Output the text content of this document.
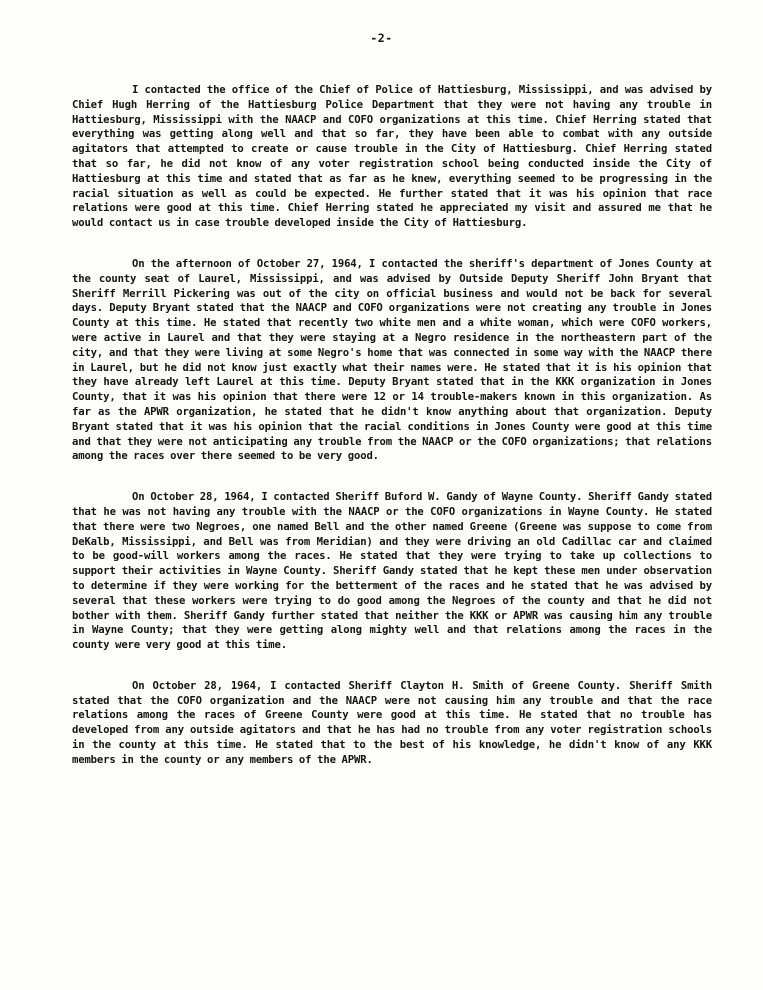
-2-

I contacted the office of the Chief of Police of Hattiesburg, Mississippi, and was advised by Chief Hugh Herring of the Hattiesburg Police Department that they were not having any trouble in Hattiesburg, Mississippi with the NAACP and COFO organizations at this time. Chief Herring stated that everything was getting along well and that so far, they have been able to combat with any outside agitators that attempted to create or cause trouble in the City of Hattiesburg. Chief Herring stated that so far, he did not know of any voter registration school being conducted inside the City of Hattiesburg at this time and stated that as far as he knew, everything seemed to be progressing in the racial situation as well as could be expected. He further stated that it was his opinion that race relations were good at this time. Chief Herring stated he appreciated my visit and assured me that he would contact us in case trouble developed inside the City of Hattiesburg.

On the afternoon of October 27, 1964, I contacted the sheriff's department of Jones County at the county seat of Laurel, Mississippi, and was advised by Outside Deputy Sheriff John Bryant that Sheriff Merrill Pickering was out of the city on official business and would not be back for several days. Deputy Bryant stated that the NAACP and COFO organizations were not creating any trouble in Jones County at this time. He stated that recently two white men and a white woman, which were COFO workers, were active in Laurel and that they were staying at a Negro residence in the northeastern part of the city, and that they were living at some Negro's home that was connected in some way with the NAACP there in Laurel, but he did not know just exactly what their names were. He stated that it is his opinion that they have already left Laurel at this time. Deputy Bryant stated that in the KKK organization in Jones County, that it was his opinion that there were 12 or 14 trouble-makers known in this organization. As far as the APWR organization, he stated that he didn't know anything about that organization. Deputy Bryant stated that it was his opinion that the racial conditions in Jones County were good at this time and that they were not anticipating any trouble from the NAACP or the COFO organizations; that relations among the races over there seemed to be very good.

On October 28, 1964, I contacted Sheriff Buford W. Gandy of Wayne County. Sheriff Gandy stated that he was not having any trouble with the NAACP or the COFO organizations in Wayne County. He stated that there were two Negroes, one named Bell and the other named Greene (Greene was suppose to come from DeKalb, Mississippi, and Bell was from Meridian) and they were driving an old Cadillac car and claimed to be good-will workers among the races. He stated that they were trying to take up collections to support their activities in Wayne County. Sheriff Gandy stated that he kept these men under observation to determine if they were working for the betterment of the races and he stated that he was advised by several that these workers were trying to do good among the Negroes of the county and that he did not bother with them. Sheriff Gandy further stated that neither the KKK or APWR was causing him any trouble in Wayne County; that they were getting along mighty well and that relations among the races in the county were very good at this time.

On October 28, 1964, I contacted Sheriff Clayton H. Smith of Greene County. Sheriff Smith stated that the COFO organization and the NAACP were not causing him any trouble and that the race relations among the races of Greene County were good at this time. He stated that no trouble has developed from any outside agitators and that he has had no trouble from any voter registration schools in the county at this time. He stated that to the best of his knowledge, he didn't know of any KKK members in the county or any members of the APWR.
